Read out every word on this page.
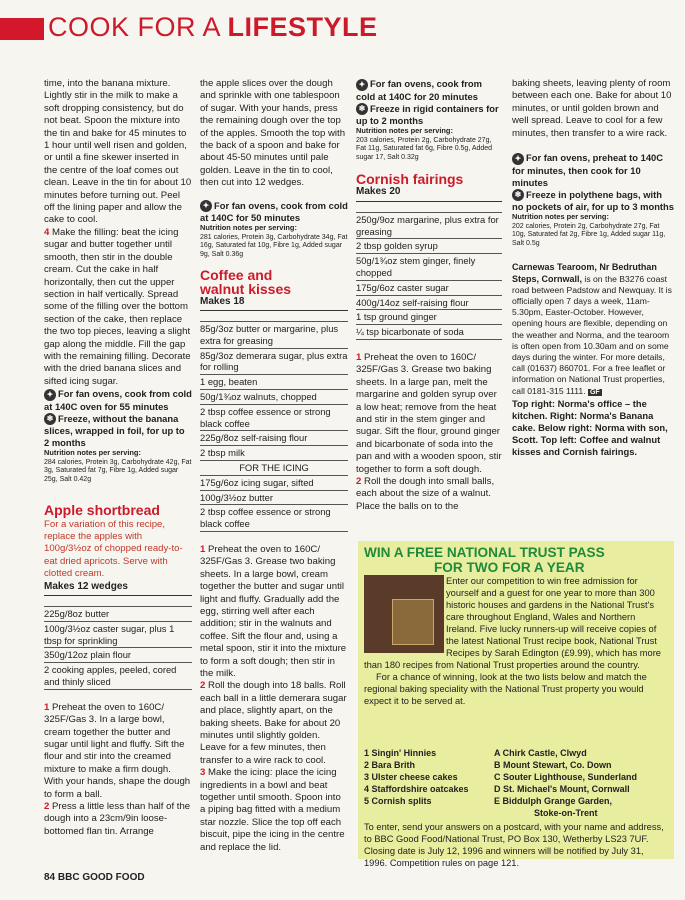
COOK FOR A LIFESTYLE

time, into the banana mixture. Lightly stir in the milk to make a soft dropping consistency, but do not beat. Spoon the mixture into the tin and bake for 45 minutes to 1 hour until well risen and golden, or until a fine skewer inserted in the centre of the loaf comes out clean. Leave in the tin for about 10 minutes before turning out. Peel off the lining paper and allow the cake to cool.

4 Make the filling: beat the icing sugar and butter together until smooth, then stir in the double cream. Cut the cake in half horizontally, then cut the upper section in half vertically. Spread some of the filling over the bottom section of the cake, then replace the two top pieces, leaving a slight gap along the middle. Fill the gap with the remaining filling. Decorate with the dried banana slices and sifted icing sugar.

✦ For fan ovens, cook from cold at 140C oven for 55 minutes

❄ Freeze, without the banana slices, wrapped in foil, for up to 2 months

Nutrition notes per serving:
284 calories, Protein 3g, Carbohydrate 42g, Fat 3g, Saturated fat 7g, Fibre 1g, Added sugar 25g, Salt 0.42g

Apple shortbread

For a variation of this recipe, replace the apples with 100g/3½oz of chopped ready-to-eat dried apricots. Serve with clotted cream.

Makes 12 wedges

225g/8oz butter
100g/3½oz caster sugar, plus 1 tbsp for sprinkling
350g/12oz plain flour
2 cooking apples, peeled, cored and thinly sliced

1 Preheat the oven to 160C/ 325F/Gas 3. In a large bowl, cream together the butter and sugar until light and fluffy. Sift the flour and stir into the creamed mixture to make a firm dough. With your hands, shape the dough to form a ball.

2 Press a little less than half of the dough into a 23cm/9in loose-bottomed flan tin. Arrange

the apple slices over the dough and sprinkle with one tablespoon of sugar. With your hands, press the remaining dough over the top of the apples. Smooth the top with the back of a spoon and bake for about 45-50 minutes until pale golden. Leave in the tin to cool, then cut into 12 wedges.

✦ For fan ovens, cook from cold at 140C for 50 minutes

Nutrition notes per serving:
281 calories, Protein 3g, Carbohydrate 34g, Fat 16g, Saturated fat 10g, Fibre 1g, Added sugar 9g, Salt 0.36g

Coffee and
walnut kisses

Makes 18

85g/3oz butter or margarine, plus extra for greasing
85g/3oz demerara sugar, plus extra for rolling
1 egg, beaten
50g/1¾oz walnuts, chopped
2 tbsp coffee essence or strong black coffee
225g/8oz self-raising flour
2 tbsp milk
FOR THE ICING
175g/6oz icing sugar, sifted
100g/3½oz butter
2 tbsp coffee essence or strong black coffee

1 Preheat the oven to 160C/ 325F/Gas 3. Grease two baking sheets. In a large bowl, cream together the butter and sugar until light and fluffy. Gradually add the egg, stirring well after each addition; stir in the walnuts and coffee. Sift the flour and, using a metal spoon, stir it into the mixture to form a soft dough; then stir in the milk.

2 Roll the dough into 18 balls. Roll each ball in a little demerara sugar and place, slightly apart, on the baking sheets. Bake for about 20 minutes until slightly golden. Leave for a few minutes, then transfer to a wire rack to cool.

3 Make the icing: place the icing ingredients in a bowl and beat together until smooth. Spoon into a piping bag fitted with a medium star nozzle. Slice the top off each biscuit, pipe the icing in the centre and replace the lid.

✦ For fan ovens, cook from cold at 140C for 20 minutes

❄ Freeze in rigid containers for up to 2 months

Nutrition notes per serving:
203 calories, Protein 2g, Carbohydrate 27g, Fat 11g, Saturated fat 6g, Fibre 0.5g, Added sugar 17, Salt 0.32g

Cornish fairings

Makes 20

250g/9oz margarine, plus extra for greasing
2 tbsp golden syrup
50g/1¾oz stem ginger, finely chopped
175g/6oz caster sugar
400g/14oz self-raising flour
1 tsp ground ginger
¼ tsp bicarbonate of soda

1 Preheat the oven to 160C/ 325F/Gas 3. Grease two baking sheets. In a large pan, melt the margarine and golden syrup over a low heat; remove from the heat and stir in the stem ginger and sugar. Sift the flour, ground ginger and bicarbonate of soda into the pan and with a wooden spoon, stir together to form a soft dough.

2 Roll the dough into small balls, each about the size of a walnut. Place the balls on to the

baking sheets, leaving plenty of room between each one. Bake for about 10 minutes, or until golden brown and well spread. Leave to cool for a few minutes, then transfer to a wire rack.

✦ For fan ovens, preheat to 140C for minutes, then cook for 10 minutes

❄ Freeze in polythene bags, with no pockets of air, for up to 3 months

Nutrition notes per serving:
202 calories, Protein 2g, Carbohydrate 27g, Fat 10g, Saturated fat 2g, Fibre 1g, Added sugar 11g, Salt 0.5g

Carnewas Tearoom, Nr Bedruthan Steps, Cornwall, is on the B3276 coast road between Padstow and Newquay. It is officially open 7 days a week, 11am-5.30pm, Easter-October. However, opening hours are flexible, depending on the weather and Norma, and the tearoom is often open from 10.30am and on some days during the winter. For more details, call (01637) 860701. For a free leaflet or information on National Trust properties, call 0181-315 1111. GF

Top right: Norma's office – the kitchen. Right: Norma's Banana cake. Below right: Norma with son, Scott. Top left: Coffee and walnut kisses and Cornish fairings.

WIN A FREE NATIONAL TRUST PASS
FOR TWO FOR A YEAR
Enter our competition to win free admission for yourself and a guest for one year to more than 300 historic houses and gardens in the National Trust's care throughout England, Wales and Northern Ireland. Five lucky runners-up will receive copies of the latest National Trust recipe book, National Trust Recipes by Sarah Edington (£9.99), which has more than 180 recipes from National Trust properties around the country.
For a chance of winning, look at the two lists below and match the regional baking speciality with the National Trust property you would expect it to be served at.
1 Singin' Hinnies	A Chirk Castle, Clwyd
2 Bara Brith	B Mount Stewart, Co. Down
3 Ulster cheese cakes	C Souter Lighthouse, Sunderland
4 Staffordshire oatcakes	D St. Michael's Mount, Cornwall
5 Cornish splits	E Biddulph Grange Garden,
Stoke-on-Trent
To enter, send your answers on a postcard, with your name and address, to BBC Good Food/National Trust, PO Box 130, Wetherby LS23 7UF. Closing date is July 12, 1996 and winners will be notified by July 31, 1996. Competition rules on page 121.
84 BBC GOOD FOOD
